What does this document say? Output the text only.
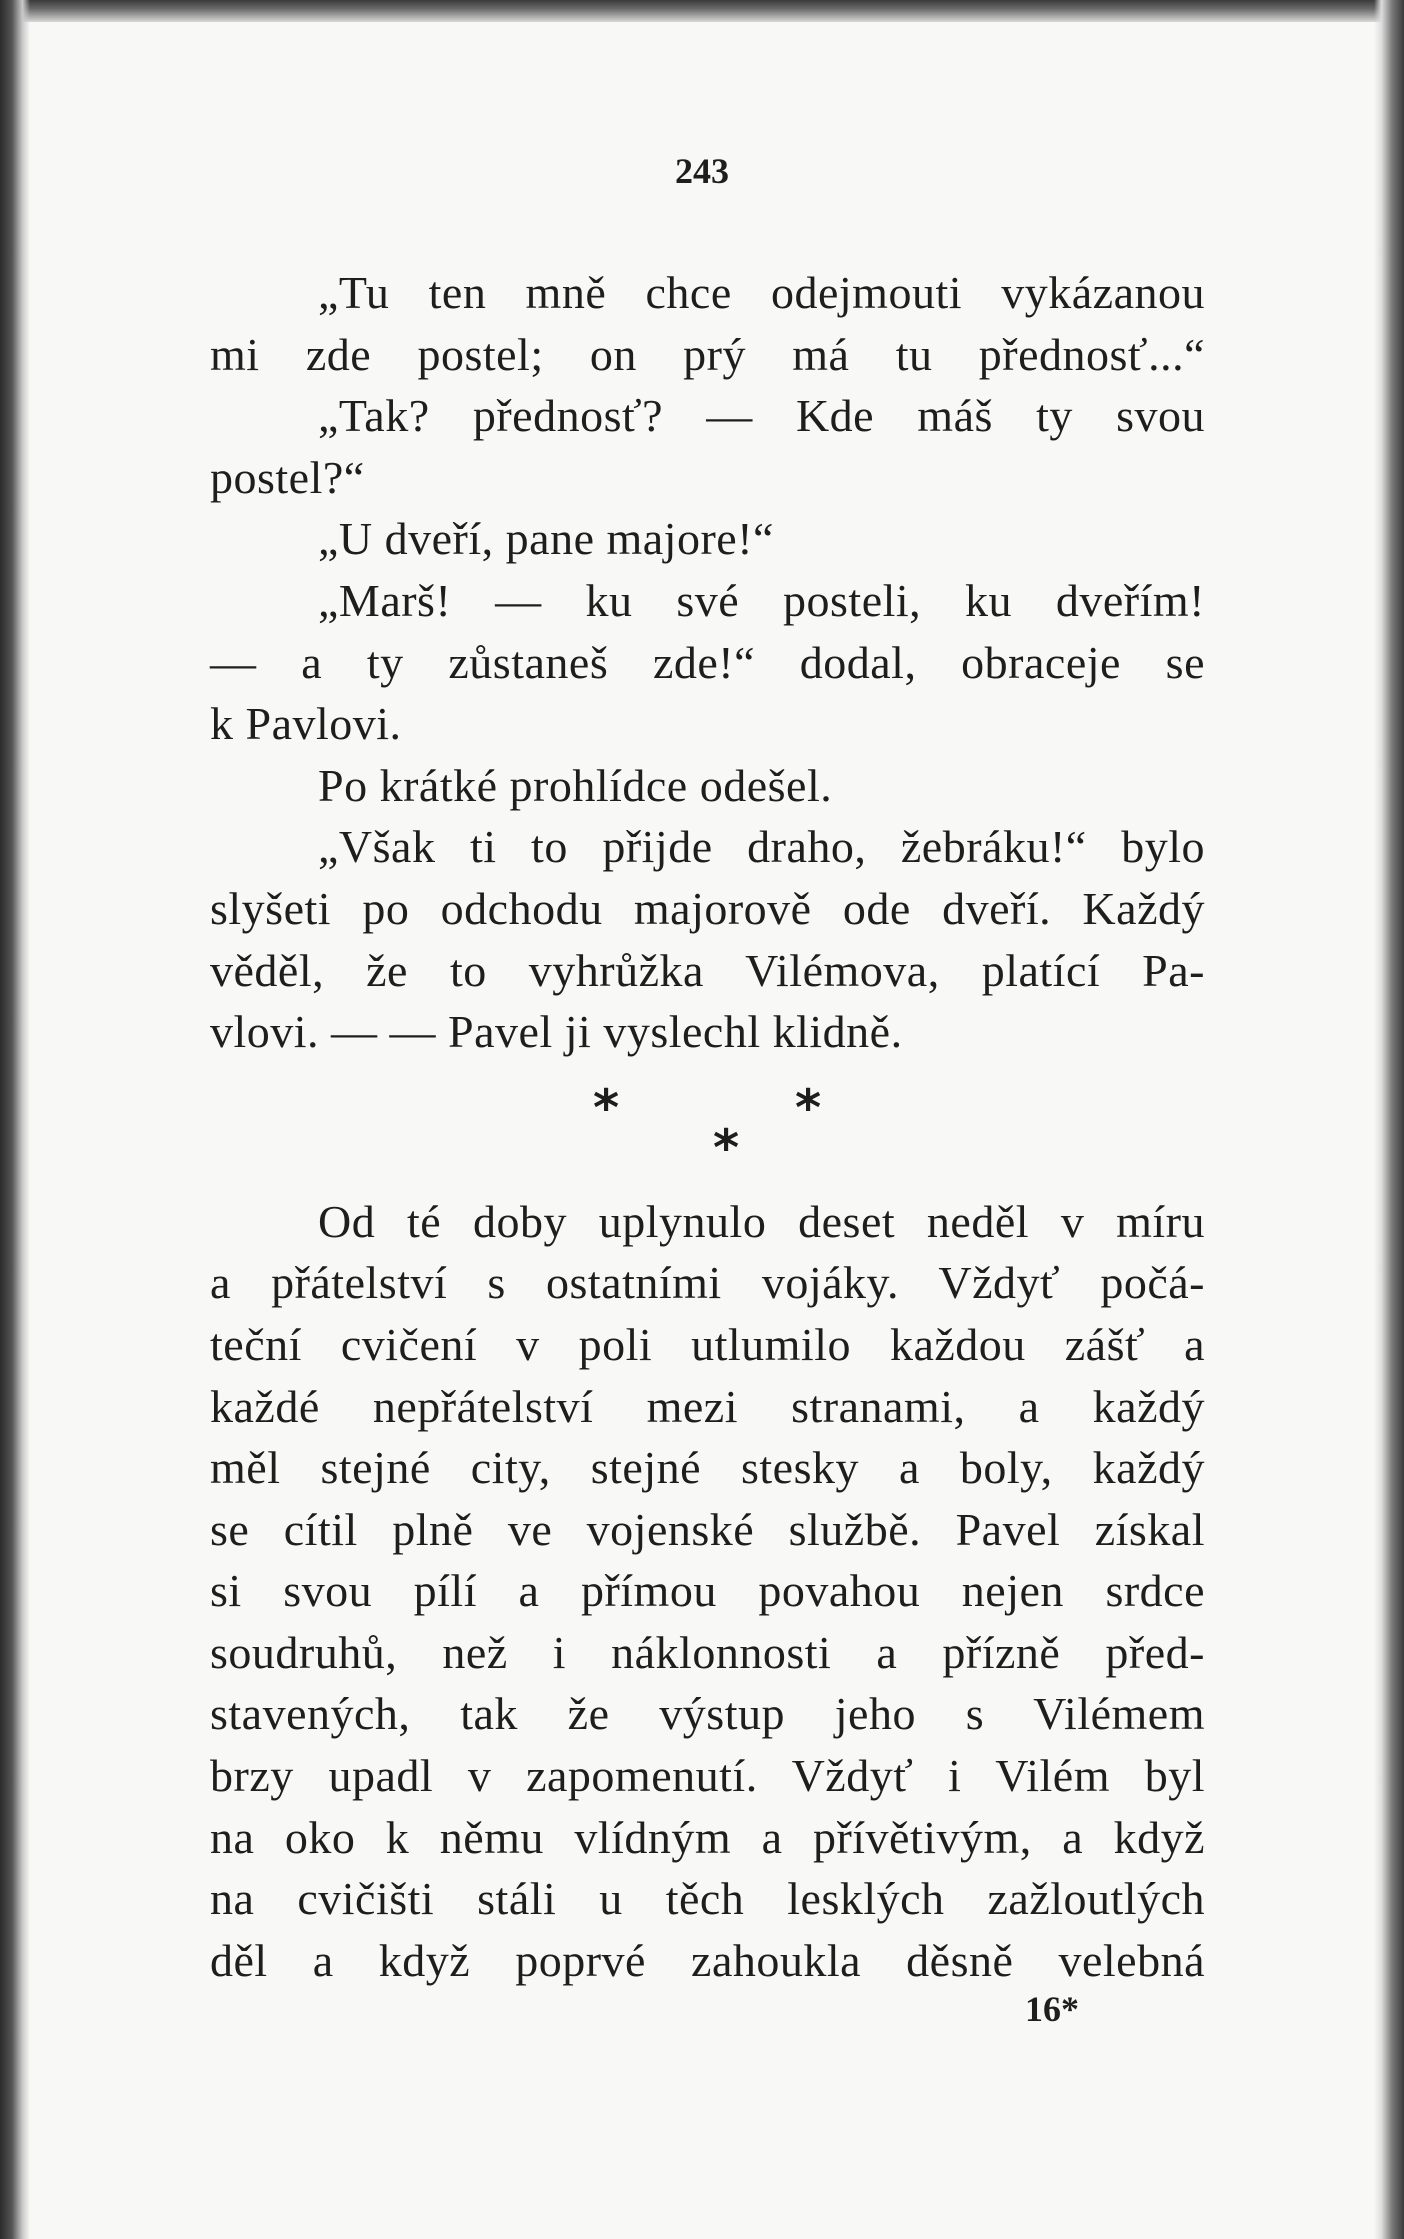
243
„Tu ten mně chce odejmouti vykázanou
mi zde postel; on prý má tu přednosť...“
„Tak? přednosť? — Kde máš ty svou
postel?“
„U dveří, pane majore!“
„Marš! — ku své posteli, ku dveřím!
— a ty zůstaneš zde!“ dodal, obraceje se
k Pavlovi.
Po krátké prohlídce odešel.
„Však ti to přijde draho, žebráku!“ bylo
slyšeti po odchodu majorově ode dveří. Každý
věděl, že to vyhrůžka Vilémova, platící Pa-
vlovi. — — Pavel ji vyslechl klidně.
*
*
*
Od té doby uplynulo deset neděl v míru
a přátelství s ostatními vojáky. Vždyť počá-
teční cvičení v poli utlumilo každou zášť a
každé nepřátelství mezi stranami, a každý
měl stejné city, stejné stesky a boly, každý
se cítil plně ve vojenské službě. Pavel získal
si svou pílí a přímou povahou nejen srdce
soudruhů, než i náklonnosti a přízně před-
stavených, tak že výstup jeho s Vilémem
brzy upadl v zapomenutí. Vždyť i Vilém byl
na oko k němu vlídným a přívětivým, a když
na cvičišti stáli u těch lesklých zažloutlých
děl a když poprvé zahoukla děsně velebná
16*
